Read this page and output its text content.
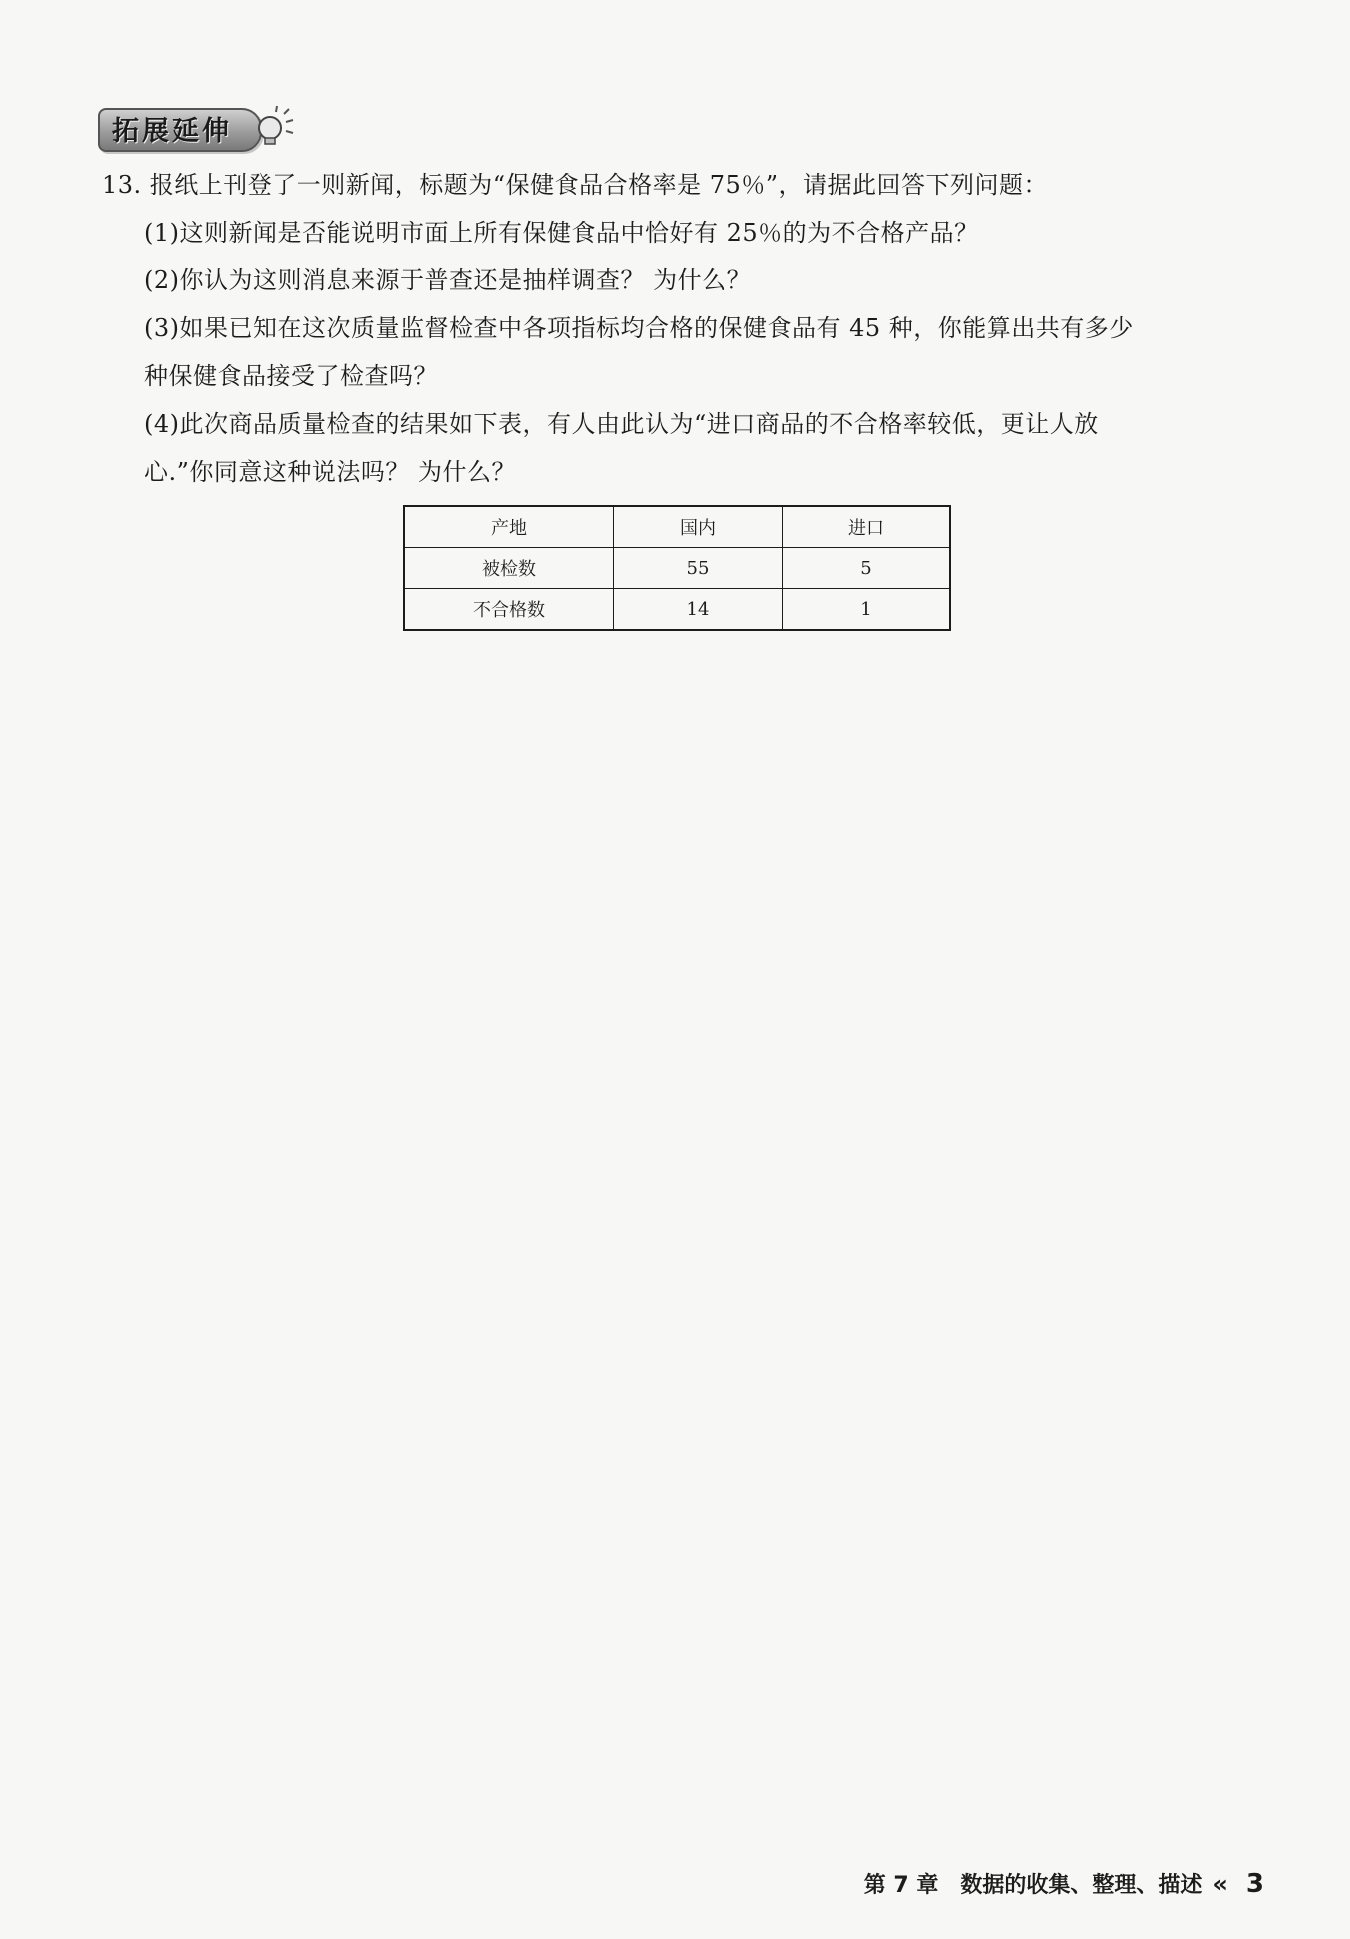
拓展延伸
13. 报纸上刊登了一则新闻，标题为“保健食品合格率是 75％”，请据此回答下列问题：
(1)这则新闻是否能说明市面上所有保健食品中恰好有 25％的为不合格产品？
(2)你认为这则消息来源于普查还是抽样调查？ 为什么？
(3)如果已知在这次质量监督检查中各项指标均合格的保健食品有 45 种，你能算出共有多少
种保健食品接受了检查吗？
(4)此次商品质量检查的结果如下表，有人由此认为“进口商品的不合格率较低，更让人放
心.”你同意这种说法吗？ 为什么？
产地	国内	进口
被检数	55	5
不合格数	14	1
第 7 章 数据的收集、整理、描述 « 3
